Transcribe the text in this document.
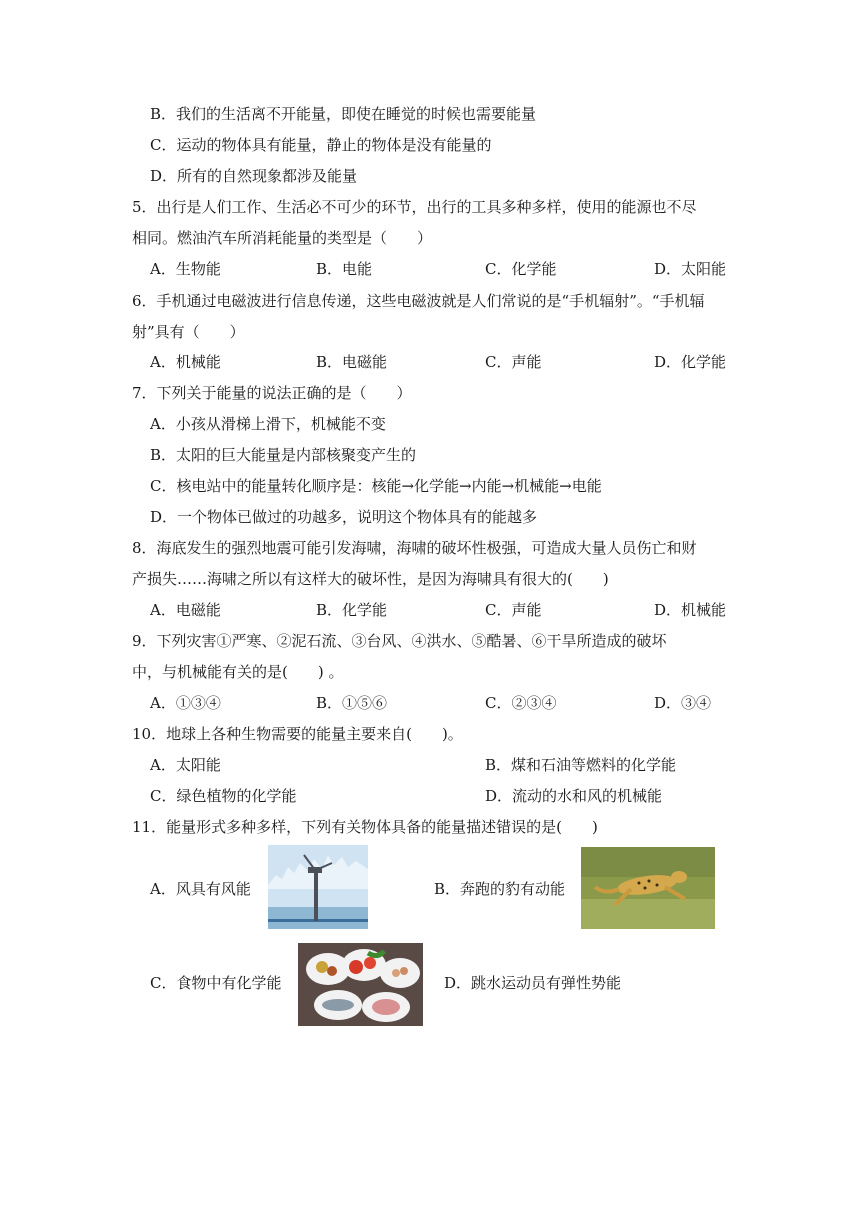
B．我们的生活离不开能量，即使在睡觉的时候也需要能量
C．运动的物体具有能量，静止的物体是没有能量的
D．所有的自然现象都涉及能量
5．出行是人们工作、生活必不可少的环节，出行的工具多种多样，使用的能源也不尽
相同。燃油汽车所消耗能量的类型是（　　）
A．生物能	B．电能	C．化学能	D．太阳能
6．手机通过电磁波进行信息传递，这些电磁波就是人们常说的是“手机辐射”。“手机辐
射”具有（　　）
A．机械能	B．电磁能	C．声能	D．化学能
7．下列关于能量的说法正确的是（　　）
A．小孩从滑梯上滑下，机械能不变
B．太阳的巨大能量是内部核聚变产生的
C．核电站中的能量转化顺序是：核能→化学能→内能→机械能→电能
D．一个物体已做过的功越多，说明这个物体具有的能越多
8．海底发生的强烈地震可能引发海啸，海啸的破坏性极强，可造成大量人员伤亡和财
产损失……海啸之所以有这样大的破坏性，是因为海啸具有很大的(　　)
A．电磁能	B．化学能	C．声能	D．机械能
9．下列灾害①严寒、②泥石流、③台风、④洪水、⑤酷暑、⑥干旱所造成的破坏
中，与机械能有关的是(　　) 。
A．①③④	B．①⑤⑥	C．②③④	D．③④
10．地球上各种生物需要的能量主要来自(　　)。
A．太阳能	B．煤和石油等燃料的化学能
C．绿色植物的化学能	D．流动的水和风的机械能
11．能量形式多种多样，下列有关物体具备的能量描述错误的是(　　)
A．风具有风能	B．奔跑的豹有动能
C．食物中有化学能	D．跳水运动员有弹性势能
